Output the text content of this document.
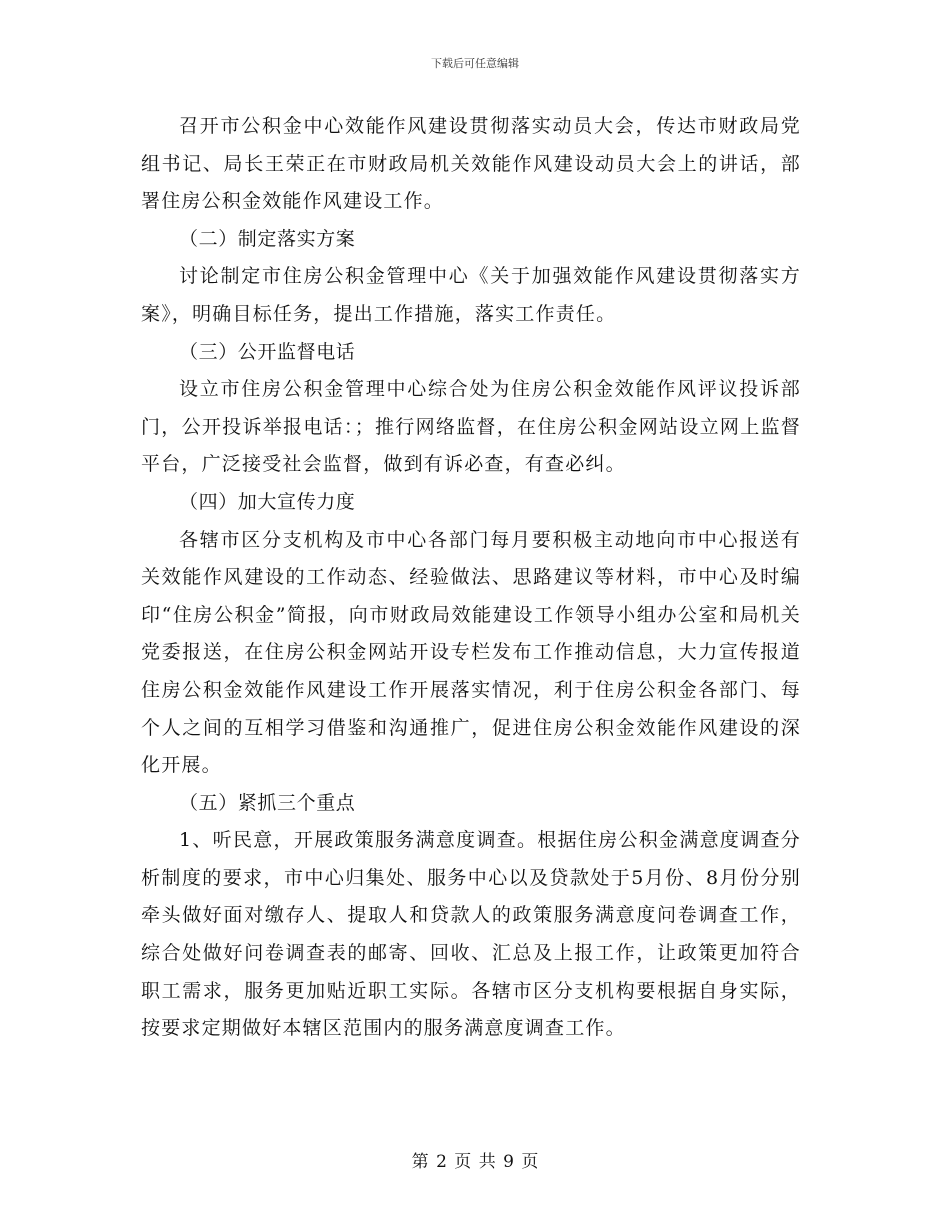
下载后可任意编辑

召开市公积金中心效能作风建设贯彻落实动员大会，传达市财政局党组书记、局长王荣正在市财政局机关效能作风建设动员大会上的讲话，部署住房公积金效能作风建设工作。

（二）制定落实方案

讨论制定市住房公积金管理中心《关于加强效能作风建设贯彻落实方案》，明确目标任务，提出工作措施，落实工作责任。

（三）公开监督电话

设立市住房公积金管理中心综合处为住房公积金效能作风评议投诉部门，公开投诉举报电话：；推行网络监督，在住房公积金网站设立网上监督平台，广泛接受社会监督，做到有诉必查，有查必纠。

（四）加大宣传力度

各辖市区分支机构及市中心各部门每月要积极主动地向市中心报送有关效能作风建设的工作动态、经验做法、思路建议等材料，市中心及时编印“住房公积金”简报，向市财政局效能建设工作领导小组办公室和局机关党委报送，在住房公积金网站开设专栏发布工作推动信息，大力宣传报道住房公积金效能作风建设工作开展落实情况，利于住房公积金各部门、每个人之间的互相学习借鉴和沟通推广，促进住房公积金效能作风建设的深化开展。

（五）紧抓三个重点

1、听民意，开展政策服务满意度调查。根据住房公积金满意度调查分析制度的要求，市中心归集处、服务中心以及贷款处于5月份、8月份分别牵头做好面对缴存人、提取人和贷款人的政策服务满意度问卷调查工作，综合处做好问卷调查表的邮寄、回收、汇总及上报工作，让政策更加符合职工需求，服务更加贴近职工实际。各辖市区分支机构要根据自身实际，按要求定期做好本辖区范围内的服务满意度调查工作。

第 2 页 共 9 页
